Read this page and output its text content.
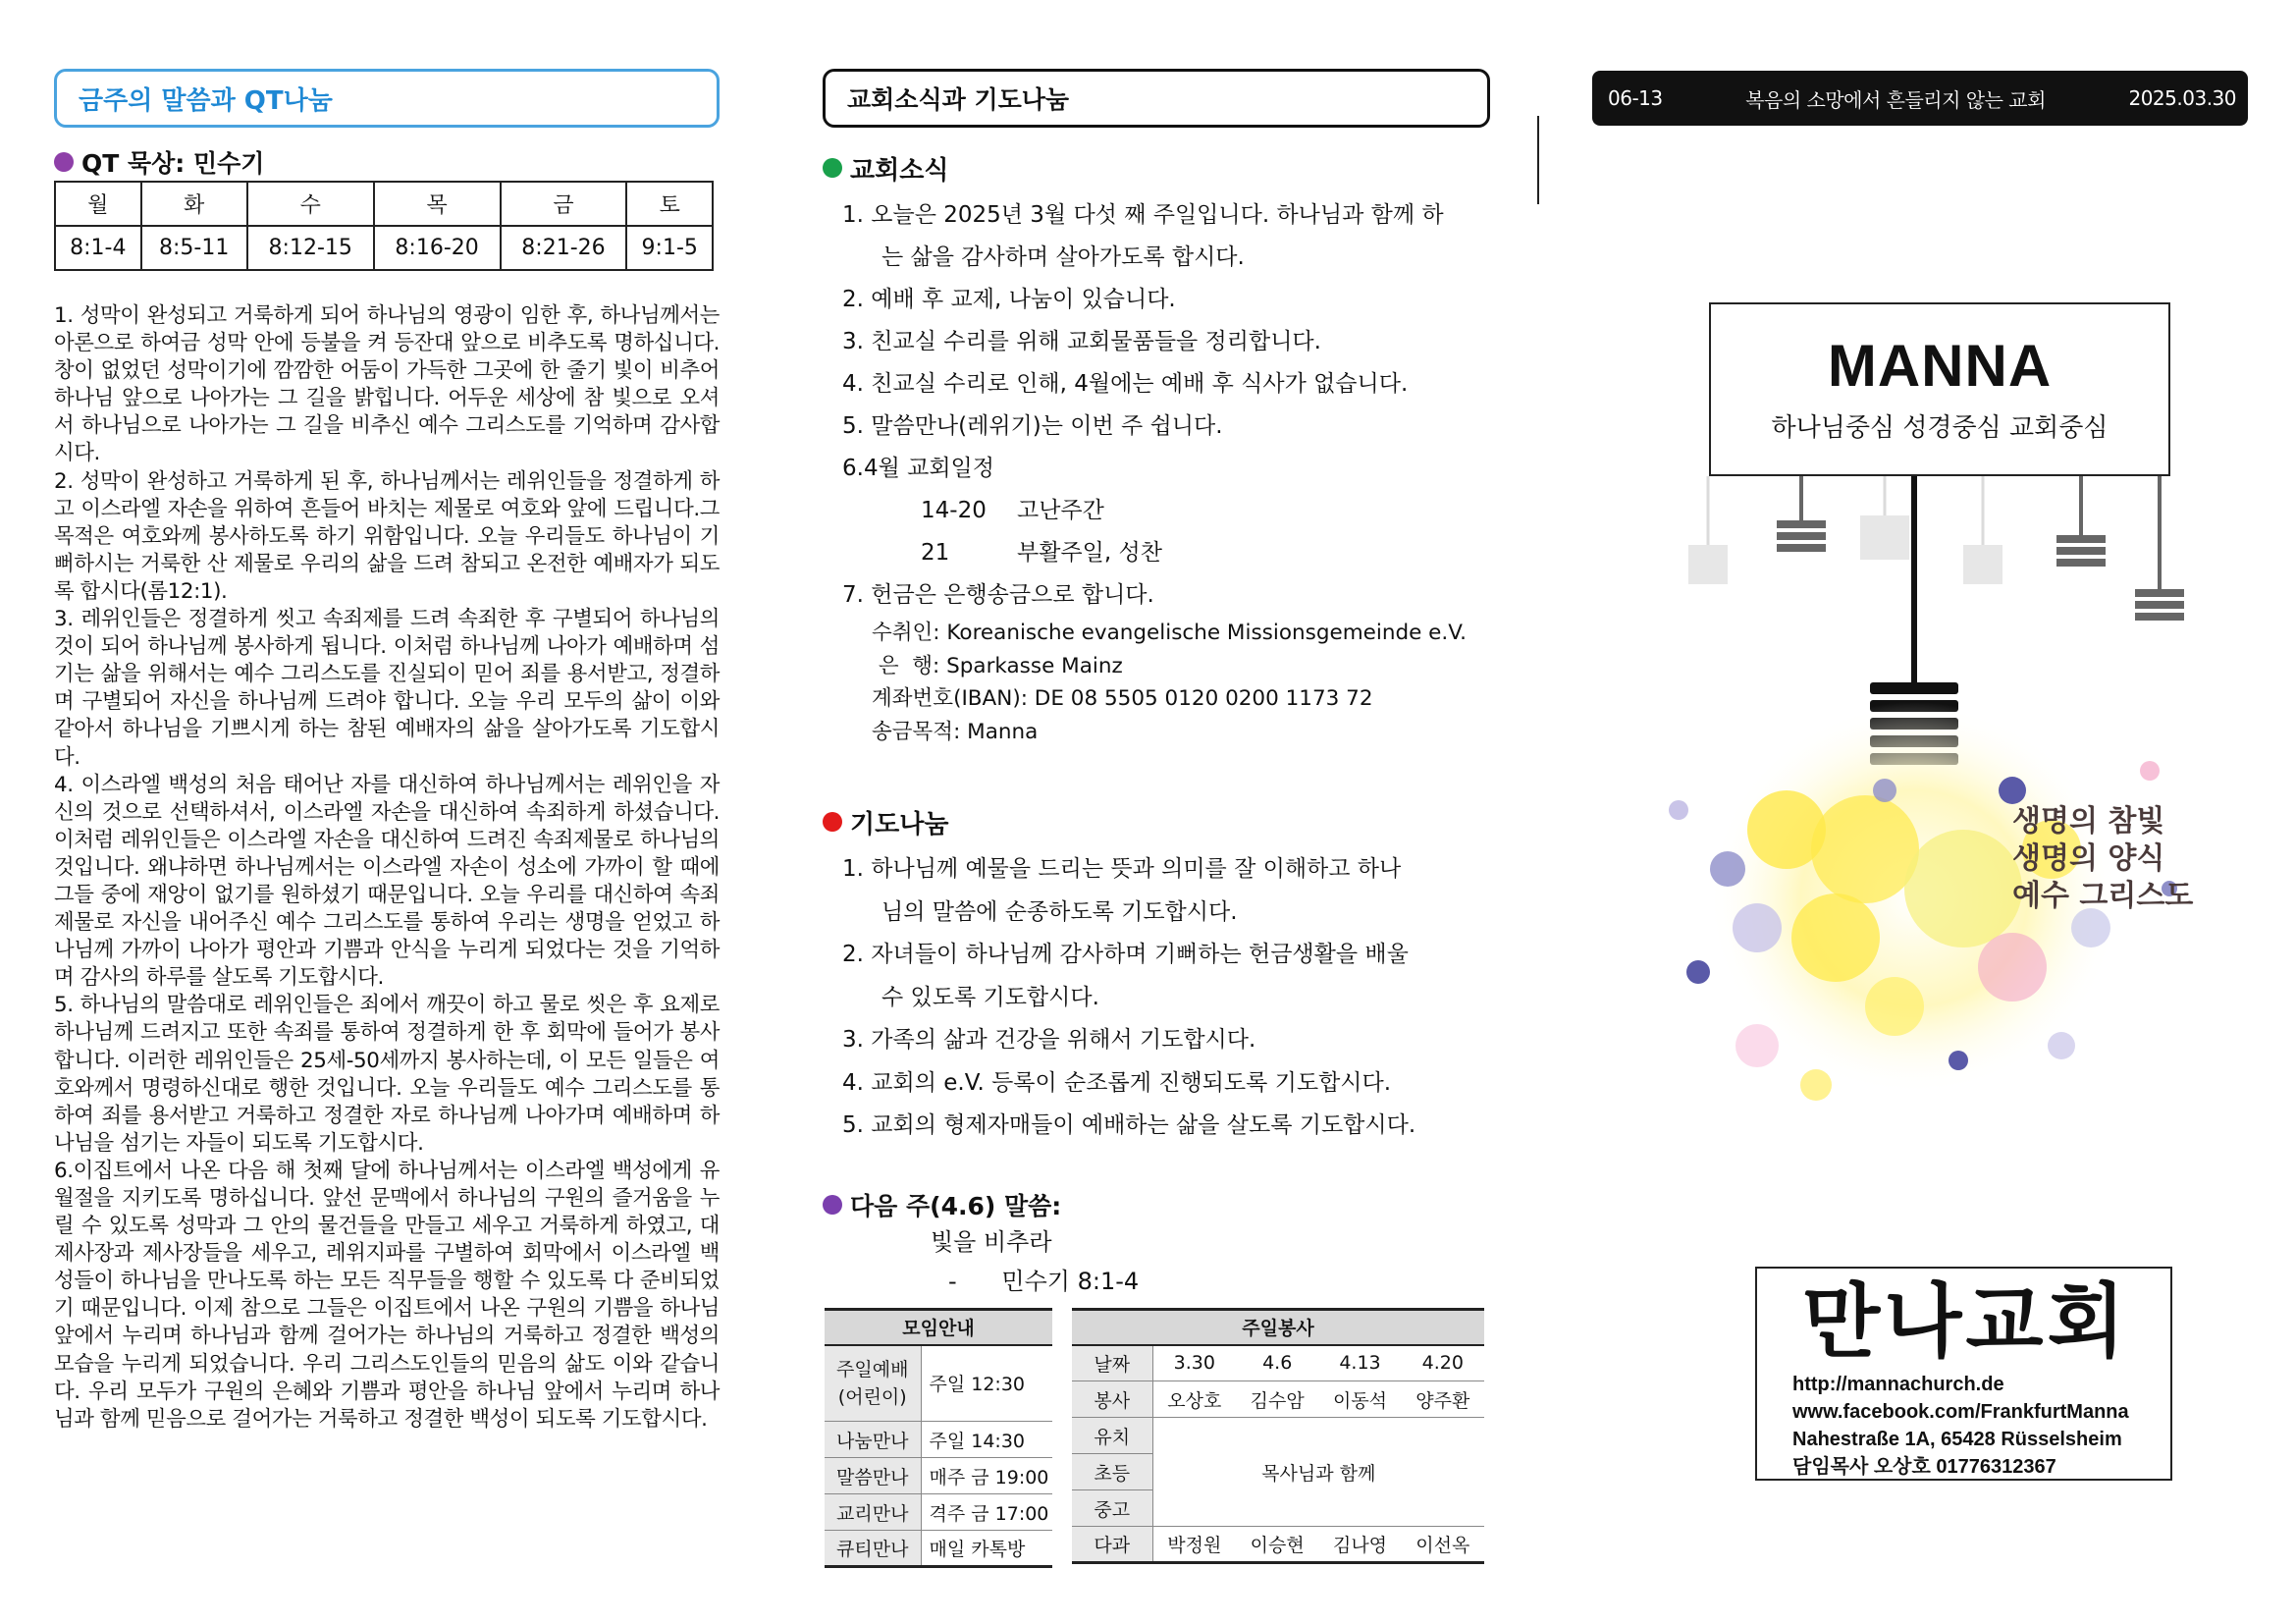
금주의 말씀과 QT나눔
QT 묵상: 민수기
월	화	수	목	금	토
8:1-4	8:5-11	8:12-15	8:16-20	8:21-26	9:1-5

1. 성막이 완성되고 거룩하게 되어 하나님의 영광이 임한 후, 하나님께서는 아론으로 하여금 성막 안에 등불을 켜 등잔대 앞으로 비추도록 명하십니다. 창이 없었던 성막이기에 깜깜한 어둠이 가득한 그곳에 한 줄기 빛이 비추어 하나님 앞으로 나아가는 그 길을 밝힙니다. 어두운 세상에 참 빛으로 오셔서 하나님으로 나아가는 그 길을 비추신 예수 그리스도를 기억하며 감사합시다.

2. 성막이 완성하고 거룩하게 된 후, 하나님께서는 레위인들을 정결하게 하고 이스라엘 자손을 위하여 흔들어 바치는 제물로 여호와 앞에 드립니다.그 목적은 여호와께 봉사하도록 하기 위함입니다. 오늘 우리들도 하나님이 기뻐하시는 거룩한 산 제물로 우리의 삶을 드려 참되고 온전한 예배자가 되도록 합시다(롬12:1).

3. 레위인들은 정결하게 씻고 속죄제를 드려 속죄한 후 구별되어 하나님의 것이 되어 하나님께 봉사하게 됩니다. 이처럼 하나님께 나아가 예배하며 섬기는 삶을 위해서는 예수 그리스도를 진실되이 믿어 죄를 용서받고, 정결하며 구별되어 자신을 하나님께 드려야 합니다. 오늘 우리 모두의 삶이 이와같아서 하나님을 기쁘시게 하는 참된 예배자의 삶을 살아가도록 기도합시다.

4. 이스라엘 백성의 처음 태어난 자를 대신하여 하나님께서는 레위인을 자신의 것으로 선택하셔서, 이스라엘 자손을 대신하여 속죄하게 하셨습니다. 이처럼 레위인들은 이스라엘 자손을 대신하여 드려진 속죄제물로 하나님의 것입니다. 왜냐하면 하나님께서는 이스라엘 자손이 성소에 가까이 할 때에 그들 중에 재앙이 없기를 원하셨기 때문입니다. 오늘 우리를 대신하여 속죄제물로 자신을 내어주신 예수 그리스도를 통하여 우리는 생명을 얻었고 하나님께 가까이 나아가 평안과 기쁨과 안식을 누리게 되었다는 것을 기억하며 감사의 하루를 살도록 기도합시다.

5. 하나님의 말씀대로 레위인들은 죄에서 깨끗이 하고 물로 씻은 후 요제로 하나님께 드려지고 또한 속죄를 통하여 정결하게 한 후 회막에 들어가 봉사합니다. 이러한 레위인들은 25세-50세까지 봉사하는데, 이 모든 일들은 여호와께서 명령하신대로 행한 것입니다. 오늘 우리들도 예수 그리스도를 통하여 죄를 용서받고 거룩하고 정결한 자로 하나님께 나아가며 예배하며 하나님을 섬기는 자들이 되도록 기도합시다.

6.이집트에서 나온 다음 해 첫째 달에 하나님께서는 이스라엘 백성에게 유월절을 지키도록 명하십니다. 앞선 문맥에서 하나님의 구원의 즐거움을 누릴 수 있도록 성막과 그 안의 물건들을 만들고 세우고 거룩하게 하였고, 대제사장과 제사장들을 세우고, 레위지파를 구별하여 회막에서 이스라엘 백성들이 하나님을 만나도록 하는 모든 직무들을 행할 수 있도록 다 준비되었기 때문입니다. 이제 참으로 그들은 이집트에서 나온 구원의 기쁨을 하나님 앞에서 누리며 하나님과 함께 걸어가는 하나님의 거룩하고 정결한 백성의 모습을 누리게 되었습니다. 우리 그리스도인들의 믿음의 삶도 이와 같습니다. 우리 모두가 구원의 은혜와 기쁨과 평안을 하나님 앞에서 누리며 하나님과 함께 믿음으로 걸어가는 거룩하고 정결한 백성이 되도록 기도합시다.

교회소식과 기도나눔
교회소식
1. 오늘은 2025년 3월 다섯 째 주일입니다. 하나님과 함께 하
는 삶을 감사하며 살아가도록 합시다.
2. 예배 후 교제, 나눔이 있습니다.
3. 친교실 수리를 위해 교회물품들을 정리합니다.
4. 친교실 수리로 인해, 4월에는 예배 후 식사가 없습니다.
5. 말씀만나(레위기)는 이번 주 쉽니다.
6.4월 교회일정
14-20	고난주간
21	부활주일, 성찬
7. 헌금은 은행송금으로 합니다.
수취인: Koreanische evangelische Missionsgemeinde e.V.
은  행: Sparkasse Mainz
계좌번호(IBAN): DE 08 5505 0120 0200 1173 72
송금목적: Manna
기도나눔
1. 하나님께 예물을 드리는 뜻과 의미를 잘 이해하고 하나
님의 말씀에 순종하도록 기도합시다.
2. 자녀들이 하나님께 감사하며 기뻐하는 헌금생활을 배울
수 있도록 기도합시다.
3. 가족의 삶과 건강을 위해서 기도합시다.
4. 교회의 e.V. 등록이 순조롭게 진행되도록 기도합시다.
5. 교회의 형제자매들이 예배하는 삶을 살도록 기도합시다.
다음 주(4.6) 말씀:
빛을 비추라
-      민수기 8:1-4
모임안내	
주일예배
(어린이)	주일 12:30
나눔만나	주일 14:30
말씀만나	매주 금 19:00
교리만나	격주 금 17:00
큐티만나	매일 카톡방
주일봉사				
날짜	3.30	4.6	4.13	4.20
봉사	오상호	김수암	이동석	양주환
유치	목사님과 함께			
초등				
중고				
다과	박정원	이승현	김나영	이선옥
06-13	복음의 소망에서 흔들리지 않는 교회	2025.03.30
MANNA
하나님중심 성경중심 교회중심
생명의 참빛
생명의 양식
예수 그리스도
만나교회
http://mannachurch.de
www.facebook.com/FrankfurtManna
Nahestraße 1A, 65428 Rüsselsheim
담임목사 오상호 01776312367
